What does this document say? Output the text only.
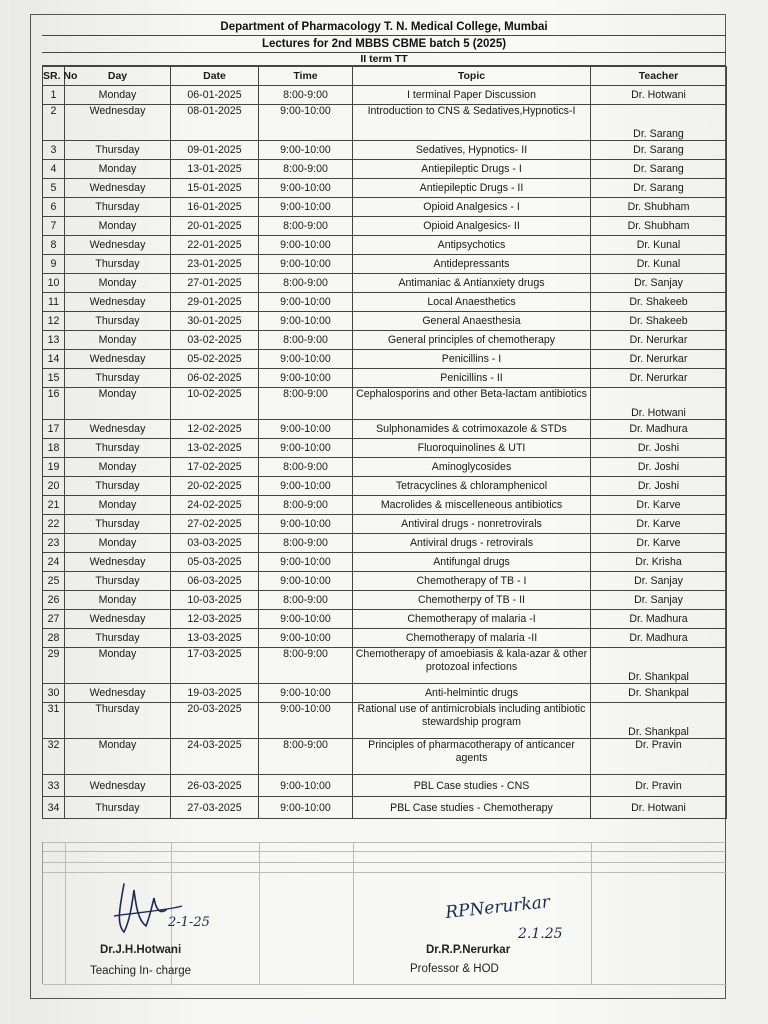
Department of Pharmacology T. N. Medical College, Mumbai
Lectures for 2nd MBBS CBME batch 5 (2025)
II term TT
SR. No	Day	Date	Time	Topic	Teacher
1	Monday	06-01-2025	8:00-9:00	I terminal Paper Discussion	Dr. Hotwani
2	Wednesday	08-01-2025	9:00-10:00	Introduction to CNS & Sedatives,Hypnotics-I	Dr. Sarang
3	Thursday	09-01-2025	9:00-10:00	Sedatives, Hypnotics- II	Dr. Sarang
4	Monday	13-01-2025	8:00-9:00	Antiepileptic Drugs - I	Dr. Sarang
5	Wednesday	15-01-2025	9:00-10:00	Antiepileptic Drugs - II	Dr. Sarang
6	Thursday	16-01-2025	9:00-10:00	Opioid Analgesics - I	Dr. Shubham
7	Monday	20-01-2025	8:00-9:00	Opioid Analgesics- II	Dr. Shubham
8	Wednesday	22-01-2025	9:00-10:00	Antipsychotics	Dr. Kunal
9	Thursday	23-01-2025	9:00-10:00	Antidepressants	Dr. Kunal
10	Monday	27-01-2025	8:00-9:00	Antimaniac & Antianxiety drugs	Dr. Sanjay
11	Wednesday	29-01-2025	9:00-10:00	Local Anaesthetics	Dr. Shakeeb
12	Thursday	30-01-2025	9:00-10:00	General Anaesthesia	Dr. Shakeeb
13	Monday	03-02-2025	8:00-9:00	General principles of chemotherapy	Dr. Nerurkar
14	Wednesday	05-02-2025	9:00-10:00	Penicillins - I	Dr. Nerurkar
15	Thursday	06-02-2025	9:00-10:00	Penicillins - II	Dr. Nerurkar
16	Monday	10-02-2025	8:00-9:00	Cephalosporins and other Beta-lactam antibiotics	Dr. Hotwani
17	Wednesday	12-02-2025	9:00-10:00	Sulphonamides & cotrimoxazole & STDs	Dr. Madhura
18	Thursday	13-02-2025	9:00-10:00	Fluoroquinolines & UTI	Dr. Joshi
19	Monday	17-02-2025	8:00-9:00	Aminoglycosides	Dr. Joshi
20	Thursday	20-02-2025	9:00-10:00	Tetracyclines & chloramphenicol	Dr. Joshi
21	Monday	24-02-2025	8:00-9:00	Macrolides & miscelleneous antibiotics	Dr. Karve
22	Thursday	27-02-2025	9:00-10:00	Antiviral drugs - nonretrovirals	Dr. Karve
23	Monday	03-03-2025	8:00-9:00	Antiviral drugs - retrovirals	Dr. Karve
24	Wednesday	05-03-2025	9:00-10:00	Antifungal drugs	Dr. Krisha
25	Thursday	06-03-2025	9:00-10:00	Chemotherapy of TB - I	Dr. Sanjay
26	Monday	10-03-2025	8:00-9:00	Chemotherpy of TB - II	Dr. Sanjay
27	Wednesday	12-03-2025	9:00-10:00	Chemotherapy of malaria -I	Dr. Madhura
28	Thursday	13-03-2025	9:00-10:00	Chemotherapy of malaria -II	Dr. Madhura
29	Monday	17-03-2025	8:00-9:00	Chemotherapy of amoebiasis & kala-azar & other protozoal infections	Dr. Shankpal
30	Wednesday	19-03-2025	9:00-10:00	Anti-helmintic drugs	Dr. Shankpal
31	Thursday	20-03-2025	9:00-10:00	Rational use of antimicrobials including antibiotic stewardship program	Dr. Shankpal
32	Monday	24-03-2025	8:00-9:00	Principles of pharmacotherapy of anticancer agents	Dr. Pravin
33	Wednesday	26-03-2025	9:00-10:00	PBL Case studies - CNS	Dr. Pravin
34	Thursday	27-03-2025	9:00-10:00	PBL Case studies - Chemotherapy	Dr. Hotwani
2-1-25	RPNerurkar
2.1.25
Dr.J.H.Hotwani
Teaching In- charge
Dr.R.P.Nerurkar
Professor & HOD
